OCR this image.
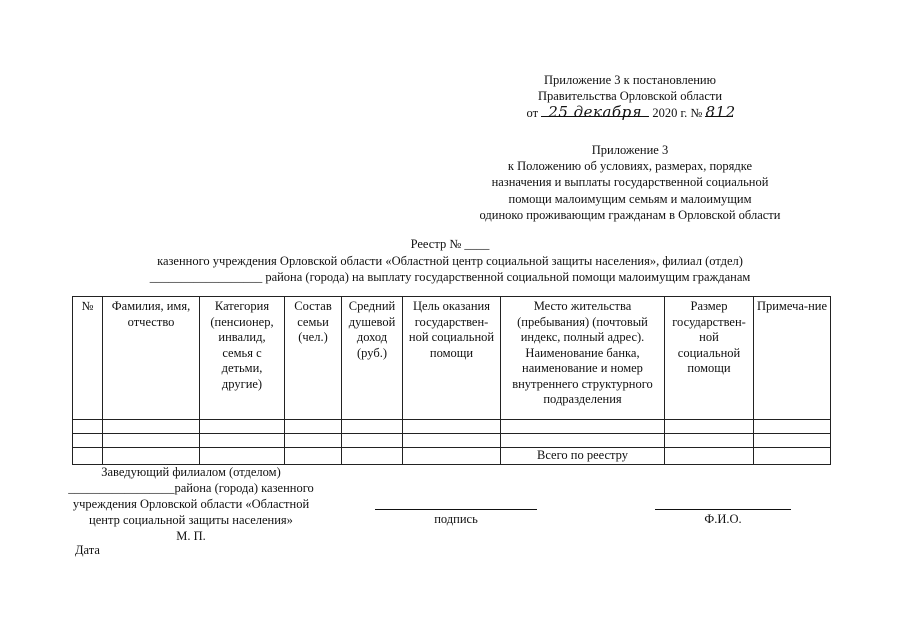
Приложение 3 к постановлению
Правительства Орловской области
от 25 декабря 2020 г. № 812
Приложение 3
к Положению об условиях, размерах, порядке
назначения и выплаты государственной социальной
помощи малоимущим семьям и малоимущим
одиноко проживающим гражданам в Орловской области
Реестр № ____
казенного учреждения Орловской области «Областной центр социальной защиты населения», филиал (отдел)
__________________ района (города) на выплату государственной социальной помощи малоимущим гражданам
№	Фамилия, имя, отчество	Категория (пенсионер, инвалид, семья с детьми, другие)	Состав семьи (чел.)	Средний душевой доход (руб.)	Цель оказания государствен-ной социальной помощи	Место жительства (пребывания) (почтовый индекс, полный адрес). Наименование банка, наименование и номер внутреннего структурного подразделения	Размер государствен-ной социальной помощи	Примеча-ние

						Всего по реестру		
Заведующий филиалом (отделом)
_________________района (города) казенного
учреждения Орловской области «Областной
центр социальной защиты населения»
М. П.
подпись	Ф.И.О.
Дата
